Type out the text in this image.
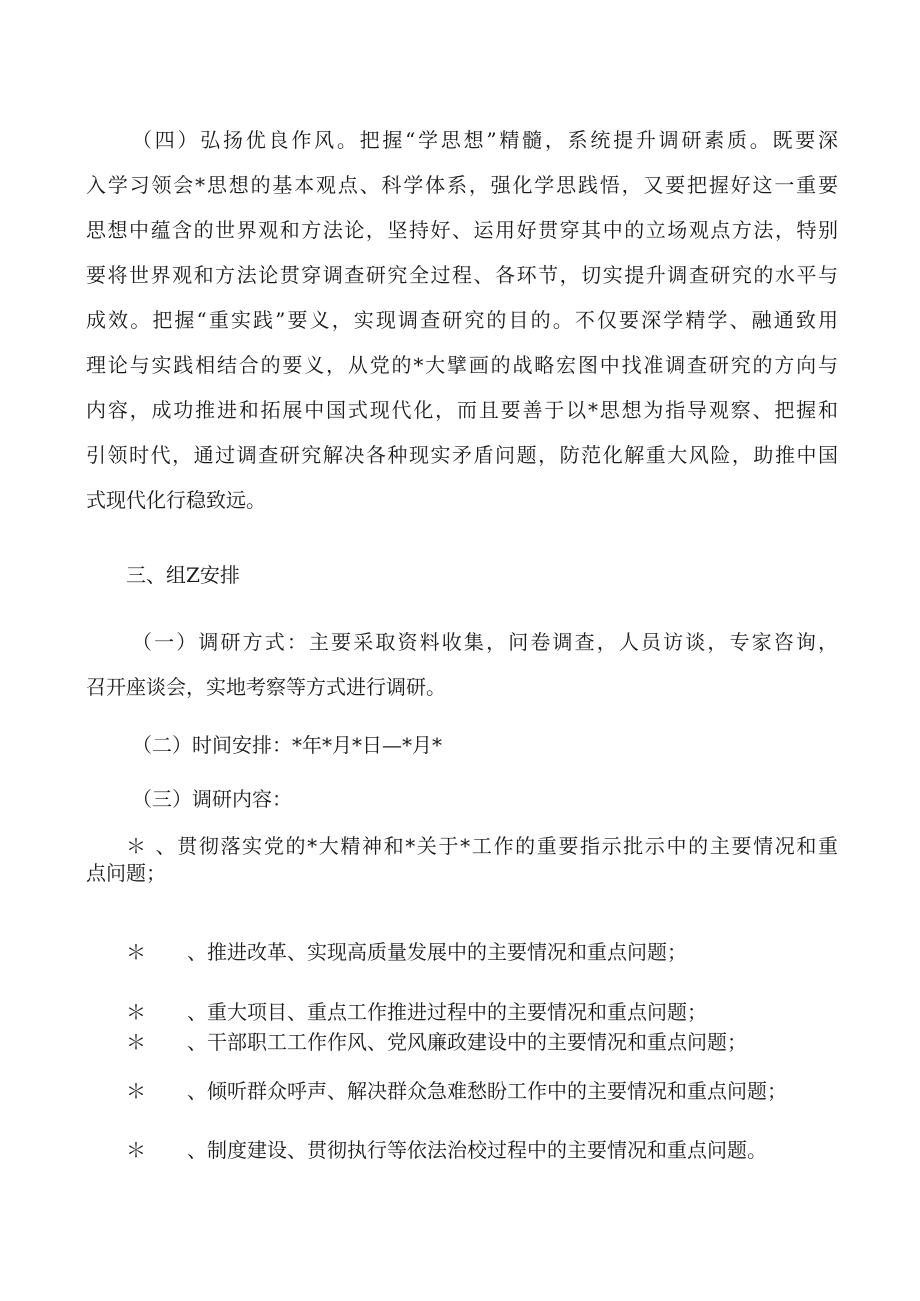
（四）弘扬优良作风。把握“学思想”精髓，系统提升调研素质。既要深
入学习领会*思想的基本观点、科学体系，强化学思践悟，又要把握好这一重要
思想中蕴含的世界观和方法论，坚持好、运用好贯穿其中的立场观点方法，特别
要将世界观和方法论贯穿调查研究全过程、各环节，切实提升调查研究的水平与
成效。把握“重实践”要义，实现调查研究的目的。不仅要深学精学、融通致用
理论与实践相结合的要义，从党的*大擘画的战略宏图中找准调查研究的方向与
内容，成功推进和拓展中国式现代化，而且要善于以*思想为指导观察、把握和
引领时代，通过调查研究解决各种现实矛盾问题，防范化解重大风险，助推中国
式现代化行稳致远。
三、组Z安排
（一）调研方式：主要采取资料收集，问卷调查，人员访谈，专家咨询，
召开座谈会，实地考察等方式进行调研。
（二）时间安排：*年*月*日—*月*
（三）调研内容：
＊ 、贯彻落实党的*大精神和*关于*工作的重要指示批示中的主要情况和重
点问题；
＊ 、推进改革、实现高质量发展中的主要情况和重点问题；
＊ 、重大项目、重点工作推进过程中的主要情况和重点问题；
＊ 、干部职工工作作风、党风廉政建设中的主要情况和重点问题；
＊ 、倾听群众呼声、解决群众急难愁盼工作中的主要情况和重点问题；
＊ 、制度建设、贯彻执行等依法治校过程中的主要情况和重点问题。
